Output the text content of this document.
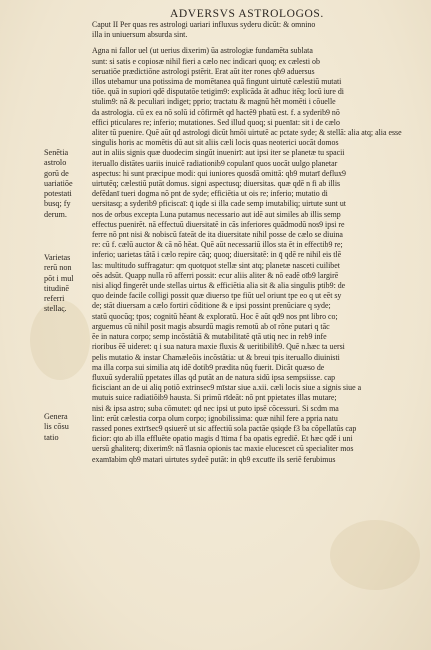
ADVERSVS ASTROLOGOS.
Caput II Per quas res astrologi uariari influxus syderu dicūt: & omnino
illa in uniuersum absurda sint.
Agna ni fallor uel (ut uerius dixerim) ūa astrologiæ fundamēta sublata
sunt: si satis e copiosæ nihil fieri a cælo nec indicari quoq; ex cælesti ob
seruatiōe prædictiōne astrologi pstērit. Erat aūt iter rones qb9 aduersus
illos utebamur una potissima de momētanea quā fingunt uirtutē cælestiū mutati
tiōe. quā in supiori qdē disputatōe tetigim9: explicāda āt adhuc itēq; locū iure di
stulim9: nā & peculiari indiget; pprio; tractatu & magnū hēt momēti i cōuelle
da astrologia. cū ex ea nō solū id cōfirmēt qd hactē9 pbatū est. f. a syderib9 nō
effici pticulares re; inferio; mutationes. Sed illud quoq; si puenīat: sit i de cælo
aliter tū puenire. Quē aūt qd astrologi dicūt hmōi uirtutē ac pctate syde; & stellā: alia atq; alia esse
singulis horis ac momētis dū aut sit aliis cæli locis quas neoterici uocāt domos
aut in aliis signis quæ duodecim singūt inuenirī: aut ipsi iter se planetæ tu spacii
iteruallo distātes uariis inuicē radiationib9 copulanī quos uocāt uulgo planetar
aspectus: hi sunt præcipue modi: qui iuniores quosdā omittā: qb9 mutarī deflux9
uirtutēq; cælestiū putāt domus. signi aspectusq; diuersitas. quæ qdē n fi ab illis
defēdanī tueri dogma nō pnt de syde; efficiētia ut ois re; inferio; mutatio di
uersitasq; a syderib9 pficiscaī: q̄ iqde si illa cade semp imutabiliq; uirtute sunt ut
nos de orbus excepta Luna putamus necessario aut idē aut similes ab illis semp
effectus puenirēt. nā effectuū diuersitatē in cās inferiores quādmodū nos9 ipsi re
ferre nō pnt nisi & nobiscū fateāt de ita diuersitate nihil posse de cælo se diuina
re: cū f. cælū auctor & cā nō hēat. Quē aūt necessariū illos sta ēt in effectib9 re;
inferio; uarietas tātā i cælo repire cāq; quoq; diuersitatē: in q̄ qdē re nihil eis tlē
las: multitudo suffragatur: qm quotquot stellæ sint atq; planetæ nasceti cuilibet
oēs adsūt. Quapp nulla rō afferri possit: ecur aliis aliter & nō eadē oīb9 largirē
nisi aliqd fingerēt unde stellas uirtus & efficiētia alia sit & alia singulis ptib9: de
quo deinde facile colligi possit quæ diuerso tpe fiūt uel oriunt tpe eo q ut eēt sy
de; stāt diuersam a cælo fortiri cōditione & e ipsi possint prenūciare q syde;
statū quocūq; tpos; cognitū hēant & exploratū. Hoc ē aūt qd9 nos pnt libro co;
arguemus cū nihil posit magis absurdū magis remotū ab oī rōne putari q tāc
ēe in natura corpo; semp incōstātiā & mutabilitatē qtā utiq nec in reb9 infe
rioribus ēē uideret: q i sua natura maxie fluxis & ueritibilib9. Quē n.hæc ta uersi
pelis mutatio & instar Chamæleōis incōstātia: ut & breui tpis iteruallo diuinisti
ma illa corpa sui similia atq idē dotib9 prædita nūq fuerit. Dicāt quæso de
fluxuū syderaliū ppetates illas qd putāt an de natura sidū ipsa sempsiisse. cap
ficisciant an de ui aliq potiō extrinsec9 mīstar siue a.xii. cæli locis siue a signis siue a
mutuis suice radiatiōib9 hausta. Si primū rīdeāt: nō pnt ppietates illas mutare;
nisi & ipsa astro; suba cōmutet: qd nec ipsi ut puto ipsē cōcessuri. Si scdm ma
lint: erūt cælestia corpa olum corpo; ignobilissima: quæ nihil fere a ppria natu
rassed pones extrīsec9 qsiuerē ut sic affectiū sola pactāe qsiqde f3 ba cōpellatūs cap
ficior: qto ab illa effluēte opatio magis d ītima f ba opatis egrediē. Et hæc qdē i uni
uersū ghaliterq; dixerim9: nā īlasnia opionis tac maxie elucescet cū specialiter mos
examīabim qb9 matari uirtutes sydeē putāt: in qb9 excutīe ils seriē ferubimus
Senētia
astrolo
gorū de
uariatiōe
potestati
busq; fy
derum.
Varietas
rerū non
pōt i mul
titudinē
referri
stellaς.
Genera
lis cōsu
tatio
